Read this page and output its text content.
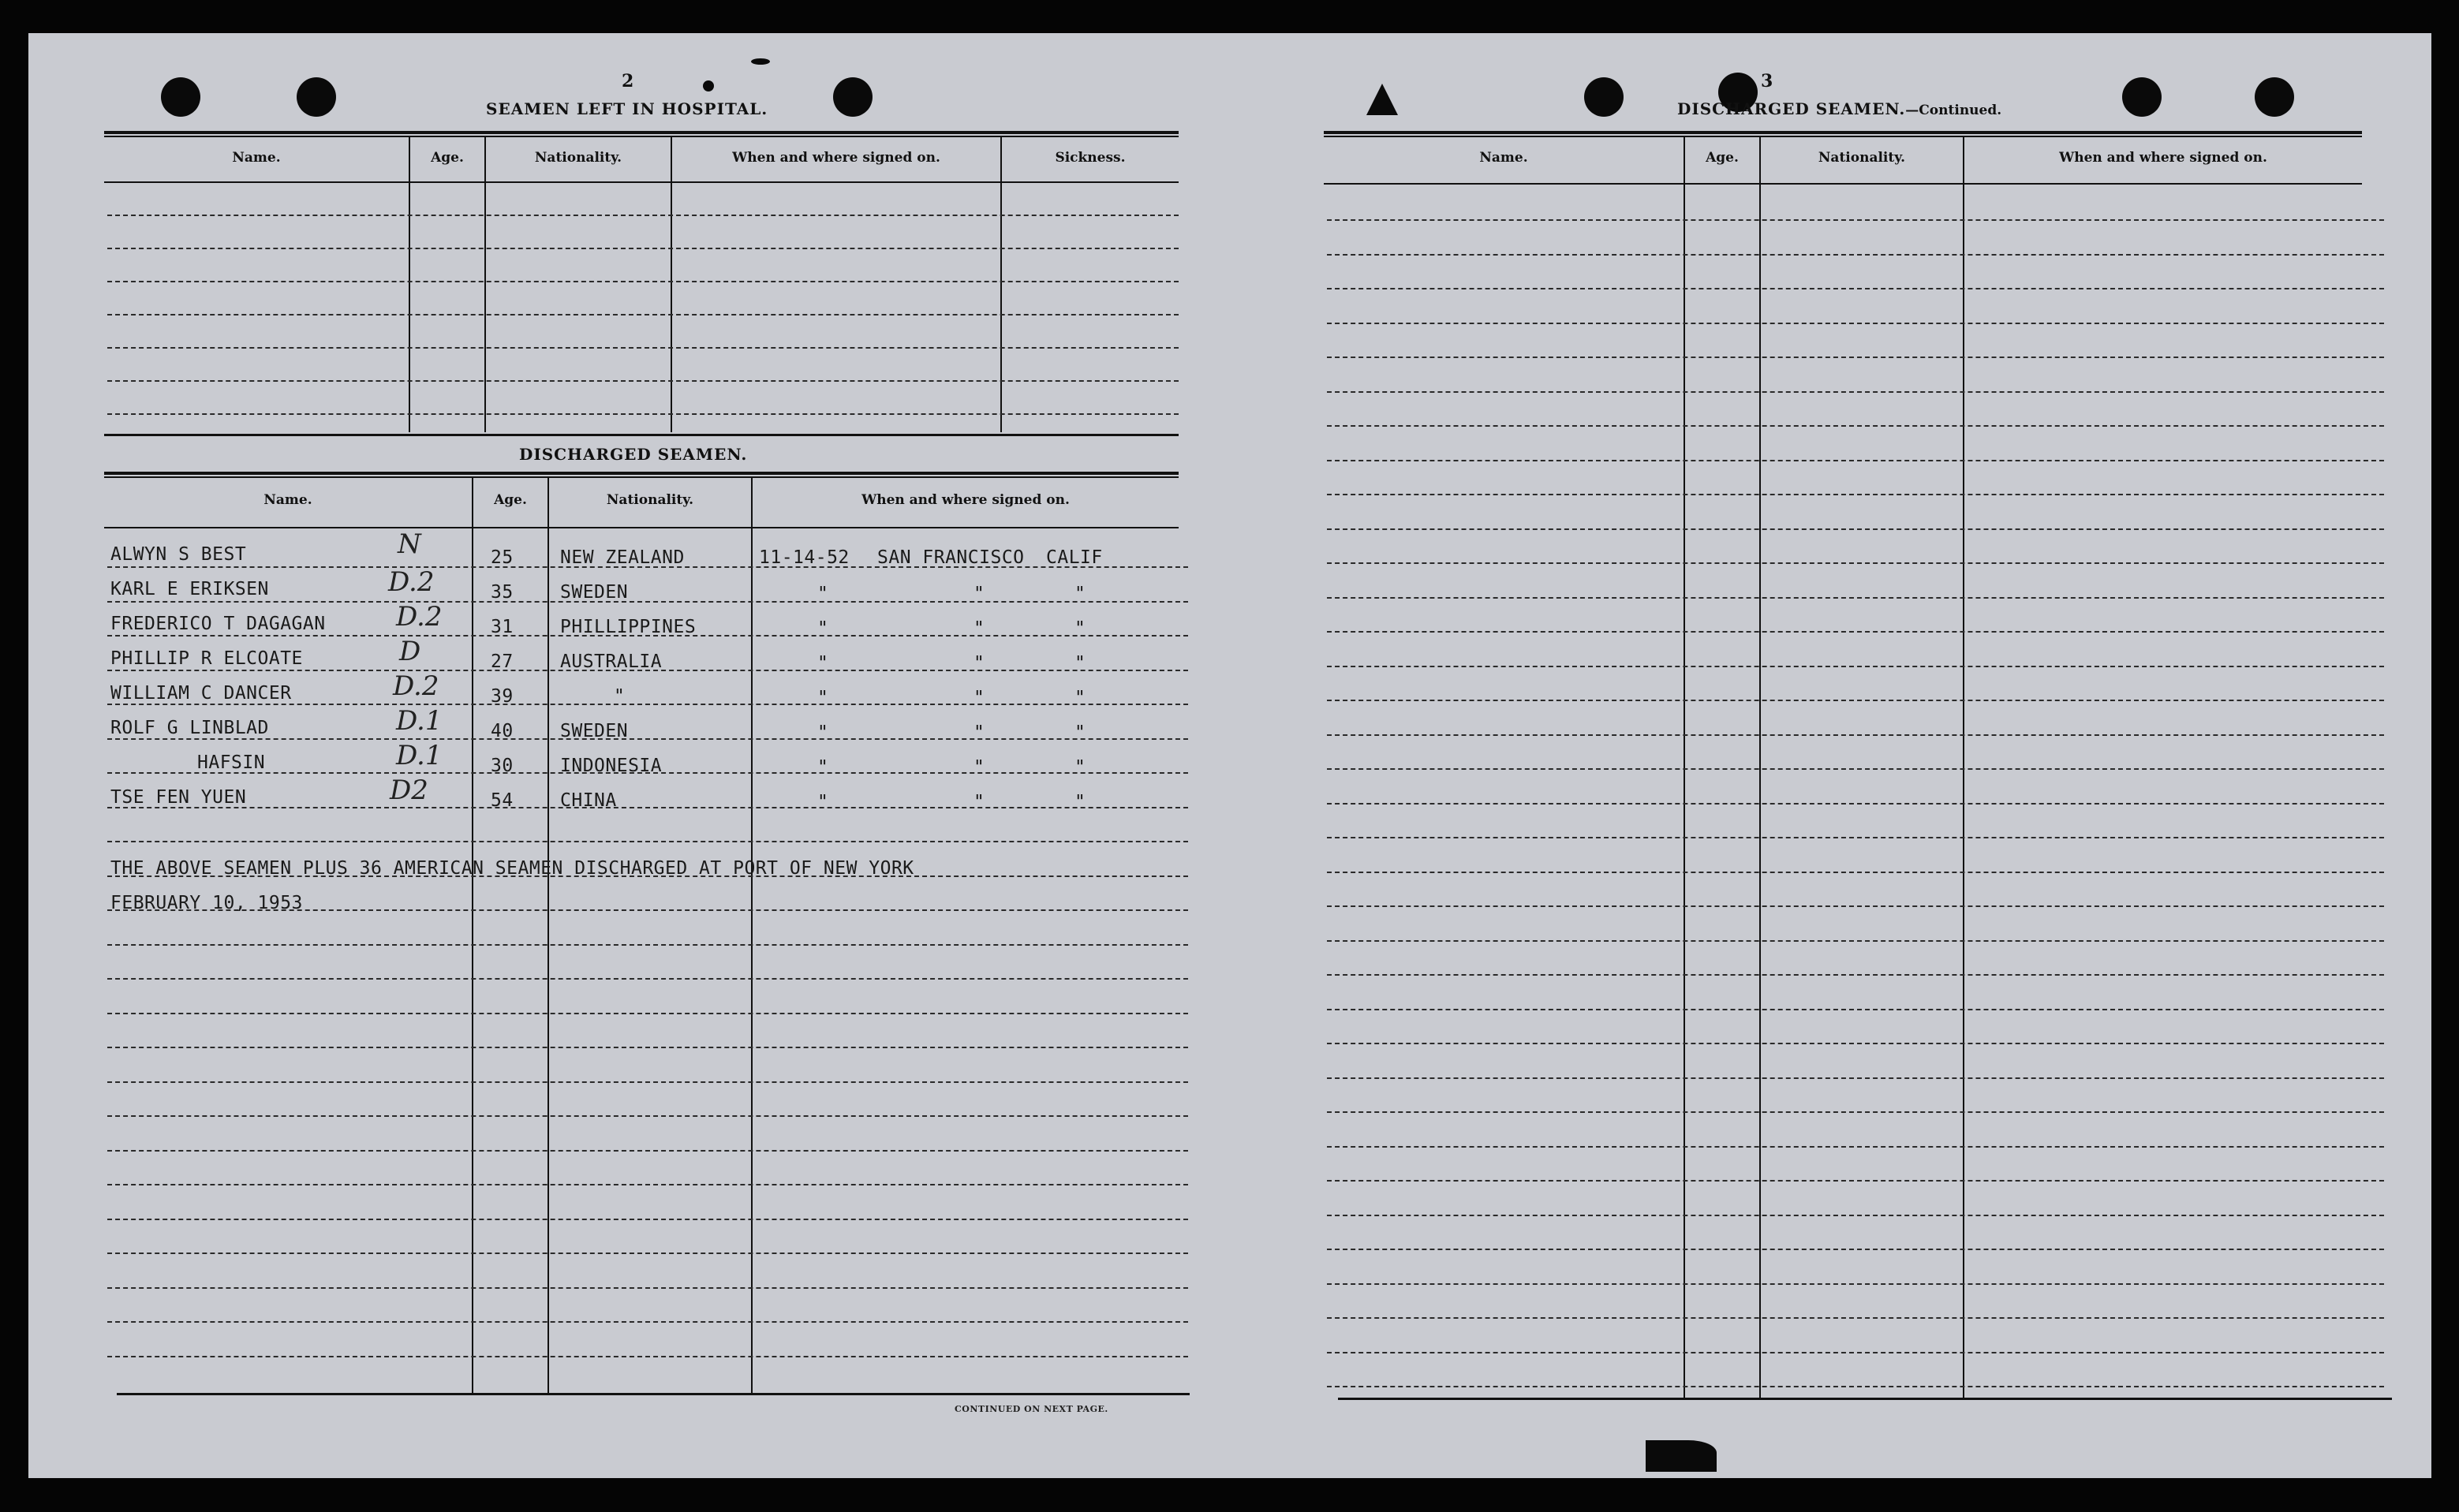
2
SEAMEN LEFT IN HOSPITAL.
Name.	Age.	Nationality.	When and where signed on.	Sickness.
DISCHARGED SEAMEN.
Name.	Age.	Nationality.	When and where signed on.
ALWYN S BEST	N	25	NEW ZEALAND	11-14-52 SAN FRANCISCO CALIF
KARL E ERIKSEN	D.2	35	SWEDEN	"	"	"
FREDERICO T DAGAGAN	D.2	31	PHILLIPPINES	"	"	"
PHILLIP R ELCOATE	D	27	AUSTRALIA	"	"	"
WILLIAM C DANCER	D.2	39	"	"	"	"
ROLF G LINBLAD	D.1	40	SWEDEN	"	"	"
HAFSIN	D.1	30	INDONESIA	"	"	"
TSE FEN YUEN	D2	54	CHINA	"	"	"
THE ABOVE SEAMEN PLUS 36 AMERICAN SEAMEN DISCHARGED AT PORT OF NEW YORK
FEBRUARY 10, 1953
CONTINUED ON NEXT PAGE.
3
DISCHARGED SEAMEN.—Continued.
Name.	Age.	Nationality.	When and where signed on.
